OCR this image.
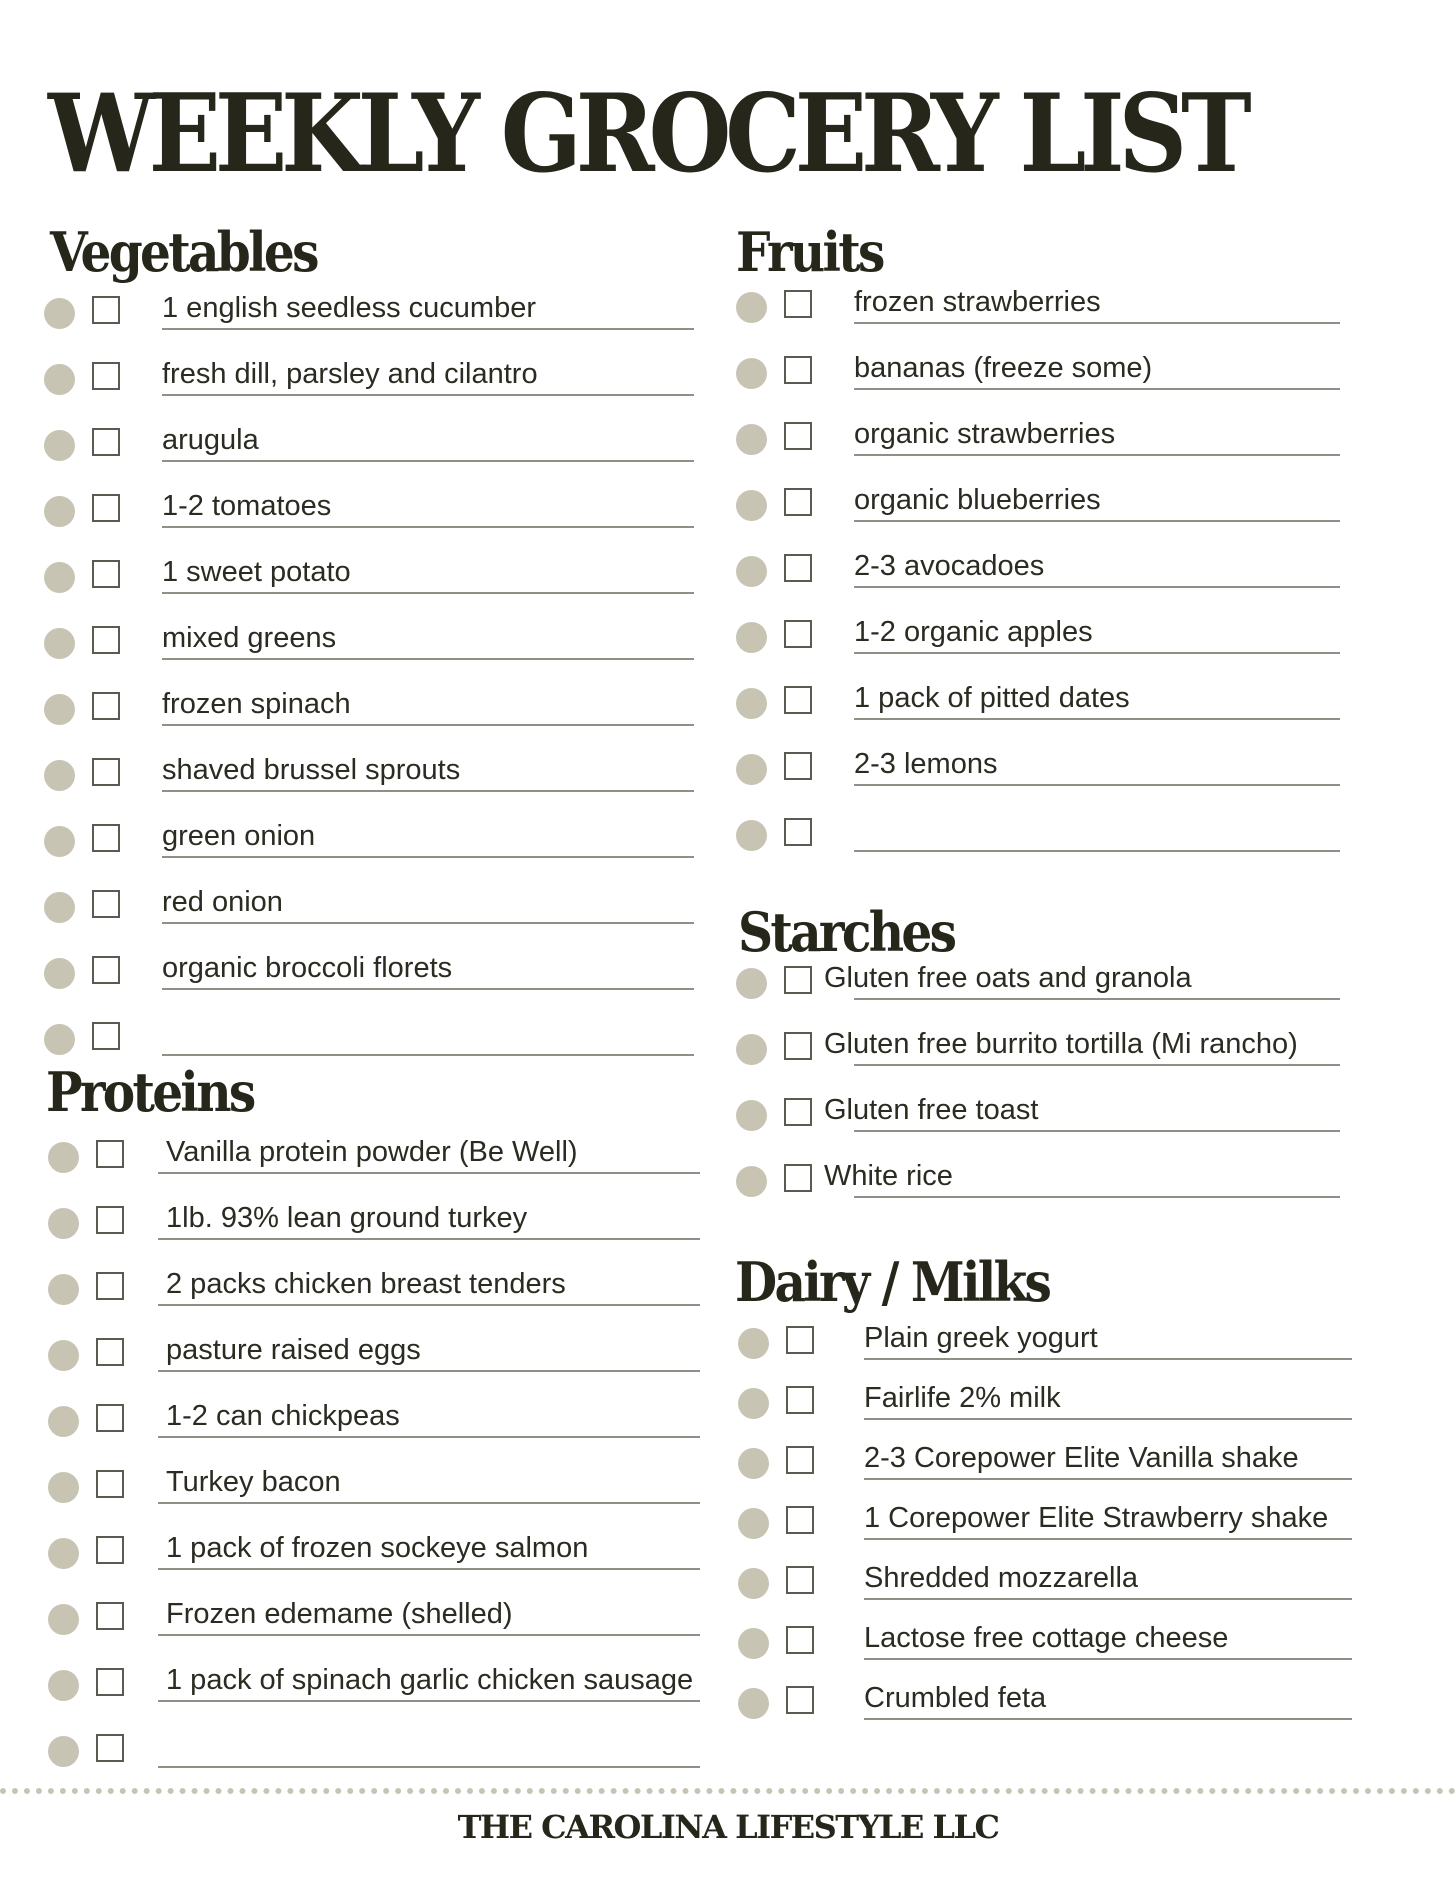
WEEKLY GROCERY LIST
Vegetables
1 english seedless cucumber
fresh dill, parsley and cilantro
arugula
1-2 tomatoes
1 sweet potato
mixed greens
frozen spinach
shaved brussel sprouts
green onion
red onion
organic broccoli florets
Proteins
Vanilla protein powder (Be Well)
1lb. 93% lean ground turkey
2 packs chicken breast tenders
pasture raised eggs
1-2 can chickpeas
Turkey bacon
1 pack of frozen sockeye salmon
Frozen edemame (shelled)
1 pack of spinach garlic chicken sausage
Fruits
frozen strawberries
bananas (freeze some)
organic strawberries
organic blueberries
2-3 avocadoes
1-2 organic apples
1 pack of pitted dates
2-3 lemons
Starches
Gluten free oats and granola
Gluten free burrito tortilla (Mi rancho)
Gluten free toast
White rice
Dairy / Milks
Plain greek yogurt
Fairlife 2% milk
2-3 Corepower Elite Vanilla shake
1 Corepower Elite Strawberry shake
Shredded mozzarella
Lactose free cottage cheese
Crumbled feta
THE CAROLINA LIFESTYLE LLC
